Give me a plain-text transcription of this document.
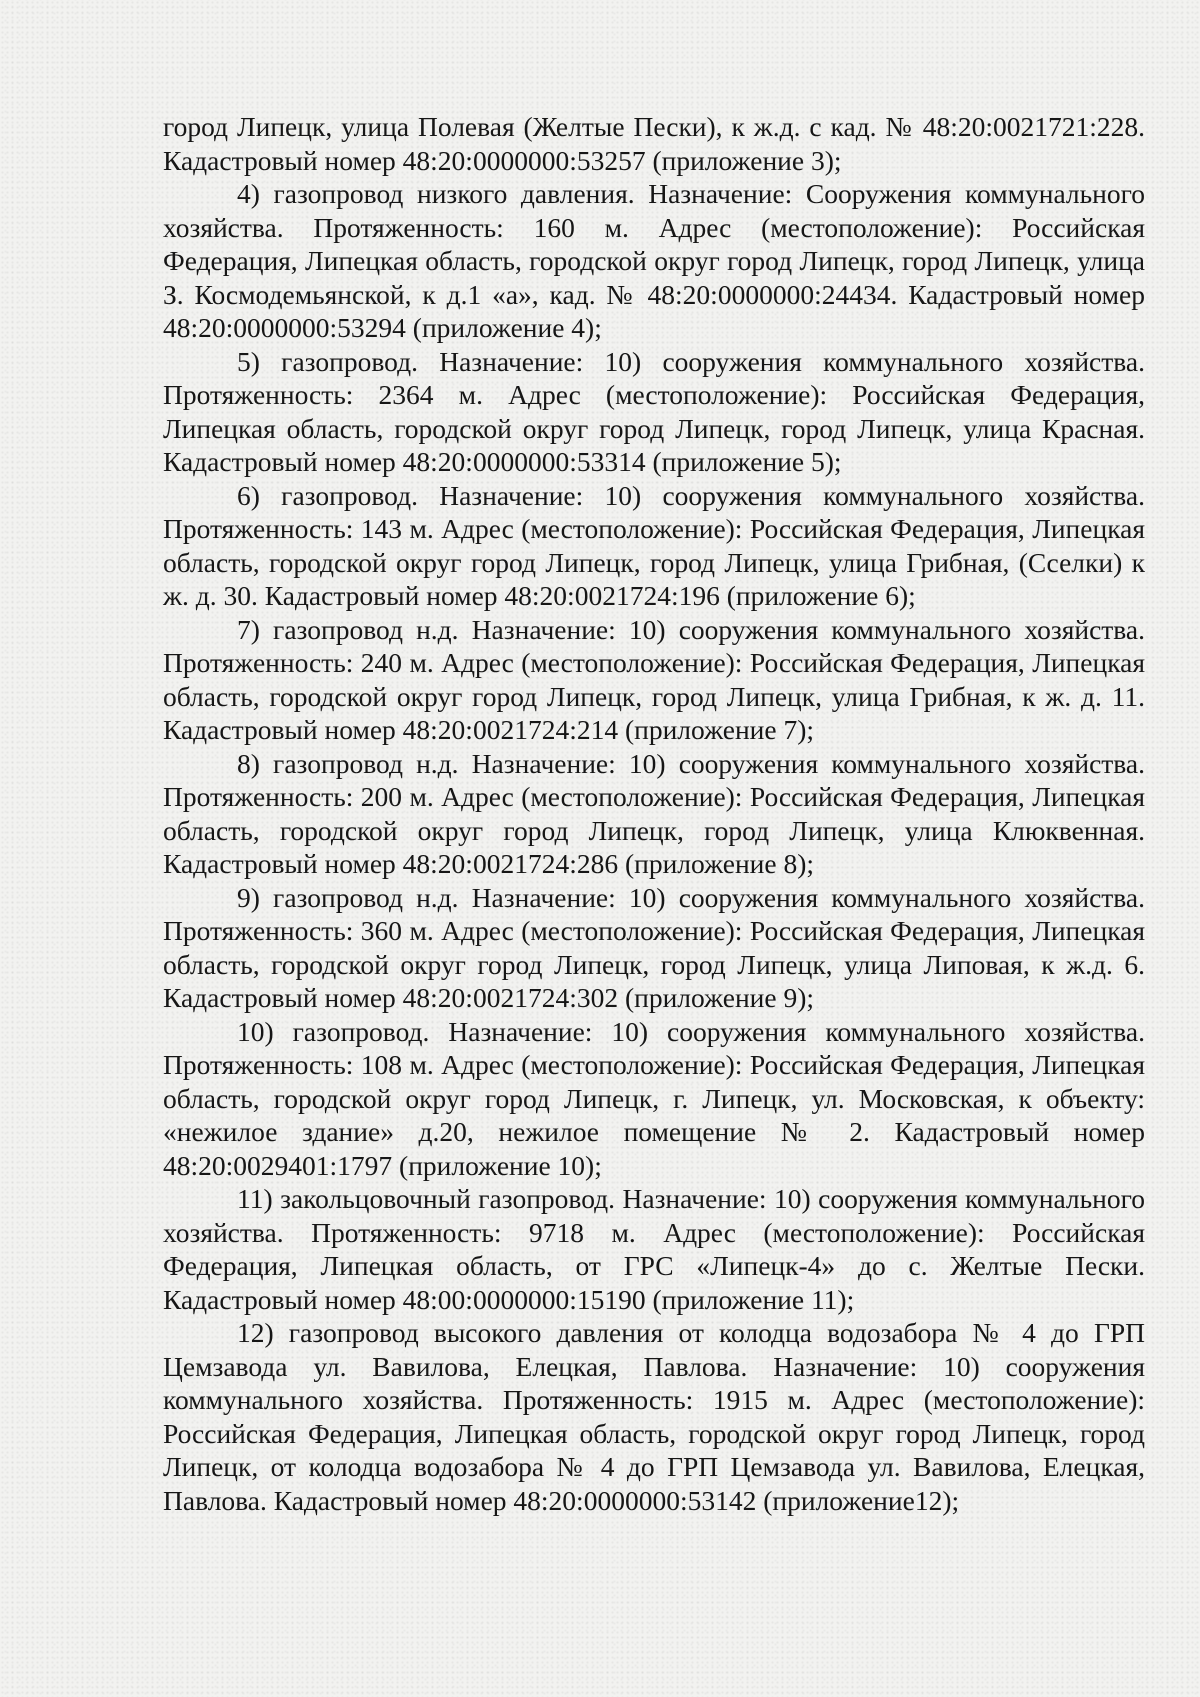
город Липецк, улица Полевая (Желтые Пески), к ж.д. с кад. № 48:20:0021721:228. Кадастровый номер 48:20:0000000:53257 (приложение 3);

4) газопровод низкого давления. Назначение: Сооружения коммунального хозяйства. Протяженность: 160 м. Адрес (местоположение): Российская Федерация, Липецкая область, городской округ город Липецк, город Липецк, улица З. Космодемьянской, к д.1 «а», кад. № 48:20:0000000:24434. Кадастровый номер 48:20:0000000:53294 (приложение 4);

5) газопровод. Назначение: 10) сооружения коммунального хозяйства. Протяженность: 2364 м. Адрес (местоположение): Российская Федерация, Липецкая область, городской округ город Липецк, город Липецк, улица Красная. Кадастровый номер 48:20:0000000:53314 (приложение 5);

6) газопровод. Назначение: 10) сооружения коммунального хозяйства. Протяженность: 143 м. Адрес (местоположение): Российская Федерация, Липецкая область, городской округ город Липецк, город Липецк, улица Грибная, (Сселки) к ж. д. 30. Кадастровый номер 48:20:0021724:196 (приложение 6);

7) газопровод н.д. Назначение: 10) сооружения коммунального хозяйства. Протяженность: 240 м. Адрес (местоположение): Российская Федерация, Липецкая область, городской округ город Липецк, город Липецк, улица Грибная, к ж. д. 11. Кадастровый номер 48:20:0021724:214 (приложение 7);

8) газопровод н.д. Назначение: 10) сооружения коммунального хозяйства. Протяженность: 200 м. Адрес (местоположение): Российская Федерация, Липецкая область, городской округ город Липецк, город Липецк, улица Клюквенная. Кадастровый номер 48:20:0021724:286 (приложение 8);

9) газопровод н.д. Назначение: 10) сооружения коммунального хозяйства. Протяженность: 360 м. Адрес (местоположение): Российская Федерация, Липецкая область, городской округ город Липецк, город Липецк, улица Липовая, к ж.д. 6. Кадастровый номер 48:20:0021724:302 (приложение 9);

10) газопровод. Назначение: 10) сооружения коммунального хозяйства. Протяженность: 108 м. Адрес (местоположение): Российская Федерация, Липецкая область, городской округ город Липецк, г. Липецк, ул. Московская, к объекту: «нежилое здание» д.20, нежилое помещение № 2. Кадастровый номер 48:20:0029401:1797 (приложение 10);

11) закольцовочный газопровод. Назначение: 10) сооружения коммунального хозяйства. Протяженность: 9718 м. Адрес (местоположение): Российская Федерация, Липецкая область, от ГРС «Липецк-4» до с. Желтые Пески. Кадастровый номер 48:00:0000000:15190 (приложение 11);

12) газопровод высокого давления от колодца водозабора № 4 до ГРП Цемзавода ул. Вавилова, Елецкая, Павлова. Назначение: 10) сооружения коммунального хозяйства. Протяженность: 1915 м. Адрес (местоположение): Российская Федерация, Липецкая область, городской округ город Липецк, город Липецк, от колодца водозабора № 4 до ГРП Цемзавода ул. Вавилова, Елецкая, Павлова. Кадастровый номер 48:20:0000000:53142 (приложение12);
